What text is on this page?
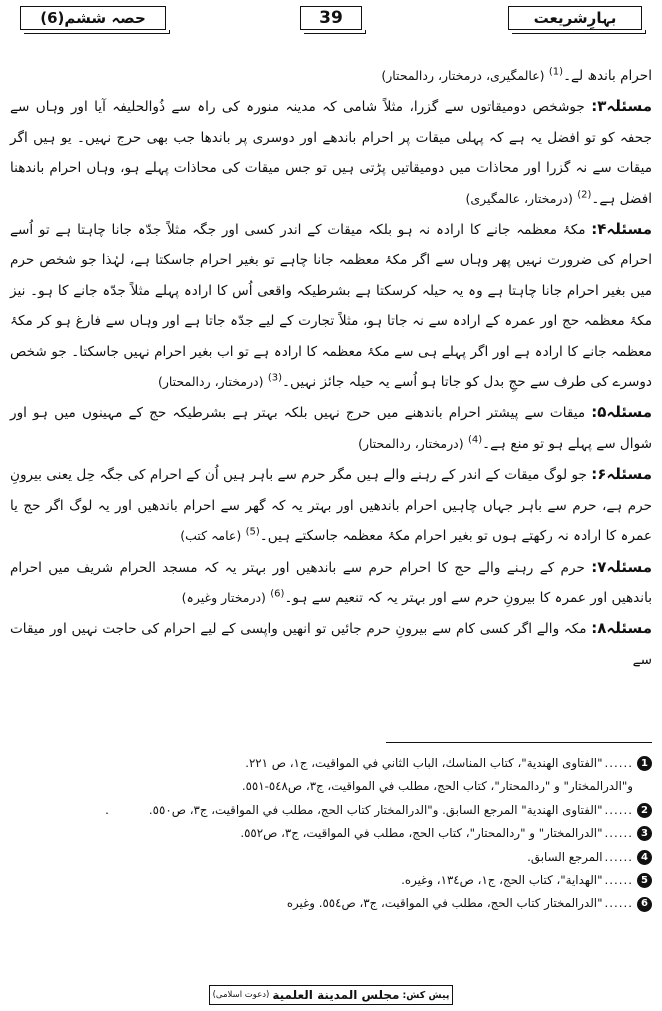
حصہ ششم(6)	39	بہارِشریعت

احرام باندھ لے۔$^{(1)}$ (عالمگیری، درمختار، ردالمحتار)

مسئلہ۳: جوشخص دومیقاتوں سے گزرا، مثلاً شامی کہ مدینہ منورہ کی راہ سے ذُوالحلیفہ آیا اور وہاں سے جحفہ کو تو افضل یہ ہے کہ پہلی میقات پر احرام باندھے اور دوسری پر باندھا جب بھی حرج نہیں۔ یو ہیں اگر میقات سے نہ گزرا اور محاذات میں دومیقاتیں پڑتی ہیں تو جس میقات کی محاذات پہلے ہو، وہاں احرام باندھنا افضل ہے۔$^{(2)}$ (درمختار، عالمگیری)

مسئلہ۴: مکۂ معظمہ جانے کا ارادہ نہ ہو بلکہ میقات کے اندر کسی اور جگہ مثلاً جدّہ جانا چاہتا ہے تو اُسے احرام کی ضرورت نہیں پھر وہاں سے اگر مکۂ معظمہ جانا چاہے تو بغیر احرام جاسکتا ہے، لہٰذا جو شخص حرم میں بغیر احرام جانا چاہتا ہے وہ یہ حیلہ کرسکتا ہے بشرطیکہ واقعی اُس کا ارادہ پہلے مثلاً جدّہ جانے کا ہو۔ نیز مکۂ معظمہ حج اور عمرہ کے ارادہ سے نہ جاتا ہو، مثلاً تجارت کے لیے جدّہ جاتا ہے اور وہاں سے فارغ ہو کر مکۂ معظمہ جانے کا ارادہ ہے اور اگر پہلے ہی سے مکۂ معظمہ کا ارادہ ہے تو اب بغیر احرام نہیں جاسکتا۔ جو شخص دوسرے کی طرف سے حجِ بدل کو جاتا ہو اُسے یہ حیلہ جائز نہیں۔$^{(3)}$ (درمختار، ردالمحتار)

مسئلہ۵: میقات سے پیشتر احرام باندھنے میں حرج نہیں بلکہ بہتر ہے بشرطیکہ حج کے مہینوں میں ہو اور شوال سے پہلے ہو تو منع ہے۔$^{(4)}$ (درمختار، ردالمحتار)

مسئلہ۶: جو لوگ میقات کے اندر کے رہنے والے ہیں مگر حرم سے باہر ہیں اُن کے احرام کی جگہ حِل یعنی بیرونِ حرم ہے، حرم سے باہر جہاں چاہیں احرام باندھیں اور بہتر یہ کہ گھر سے احرام باندھیں اور یہ لوگ اگر حج یا عمرہ کا ارادہ نہ رکھتے ہوں تو بغیر احرام مکۂ معظمہ جاسکتے ہیں۔$^{(5)}$ (عامہ کتب)

مسئلہ۷: حرم کے رہنے والے حج کا احرام حرم سے باندھیں اور بہتر یہ کہ مسجد الحرام شریف میں احرام باندھیں اور عمرہ کا بیرونِ حرم سے اور بہتر یہ کہ تنعیم سے ہو۔$^{(6)}$ (درمختار وغیرہ)

مسئلہ۸: مکہ والے اگر کسی کام سے بیرونِ حرم جائیں تو انھیں واپسی کے لیے احرام کی حاجت نہیں اور میقات سے

1
......
"الفتاوى الهندية"، كتاب المناسك، الباب الثاني في المواقيت، ج١، ص ٢٢١.
و"الدرالمختار" و "ردالمحتار"، كتاب الحج، مطلب في المواقيت، ج٣، ص٥٤٨-٥٥١.
2
......
"الفتاوى الهندية" المرجع السابق. و"الدرالمختار كتاب الحج، مطلب في المواقيت، ج٣، ص٥٥٠.
.
3
......
"الدرالمختار" و "ردالمحتار"، كتاب الحج، مطلب في المواقيت، ج٣، ص٥٥٢.
4
......
المرجع السابق.
5
......
"الهداية"، كتاب الحج، ج١، ص١٣٤، وغيره.
6
......
"الدرالمختار كتاب الحج، مطلب في المواقيت، ج٣، ص٥٥٤. وغيره
پیش کش:
مجلس المدينة العلمية
(دعوت اسلامی)
